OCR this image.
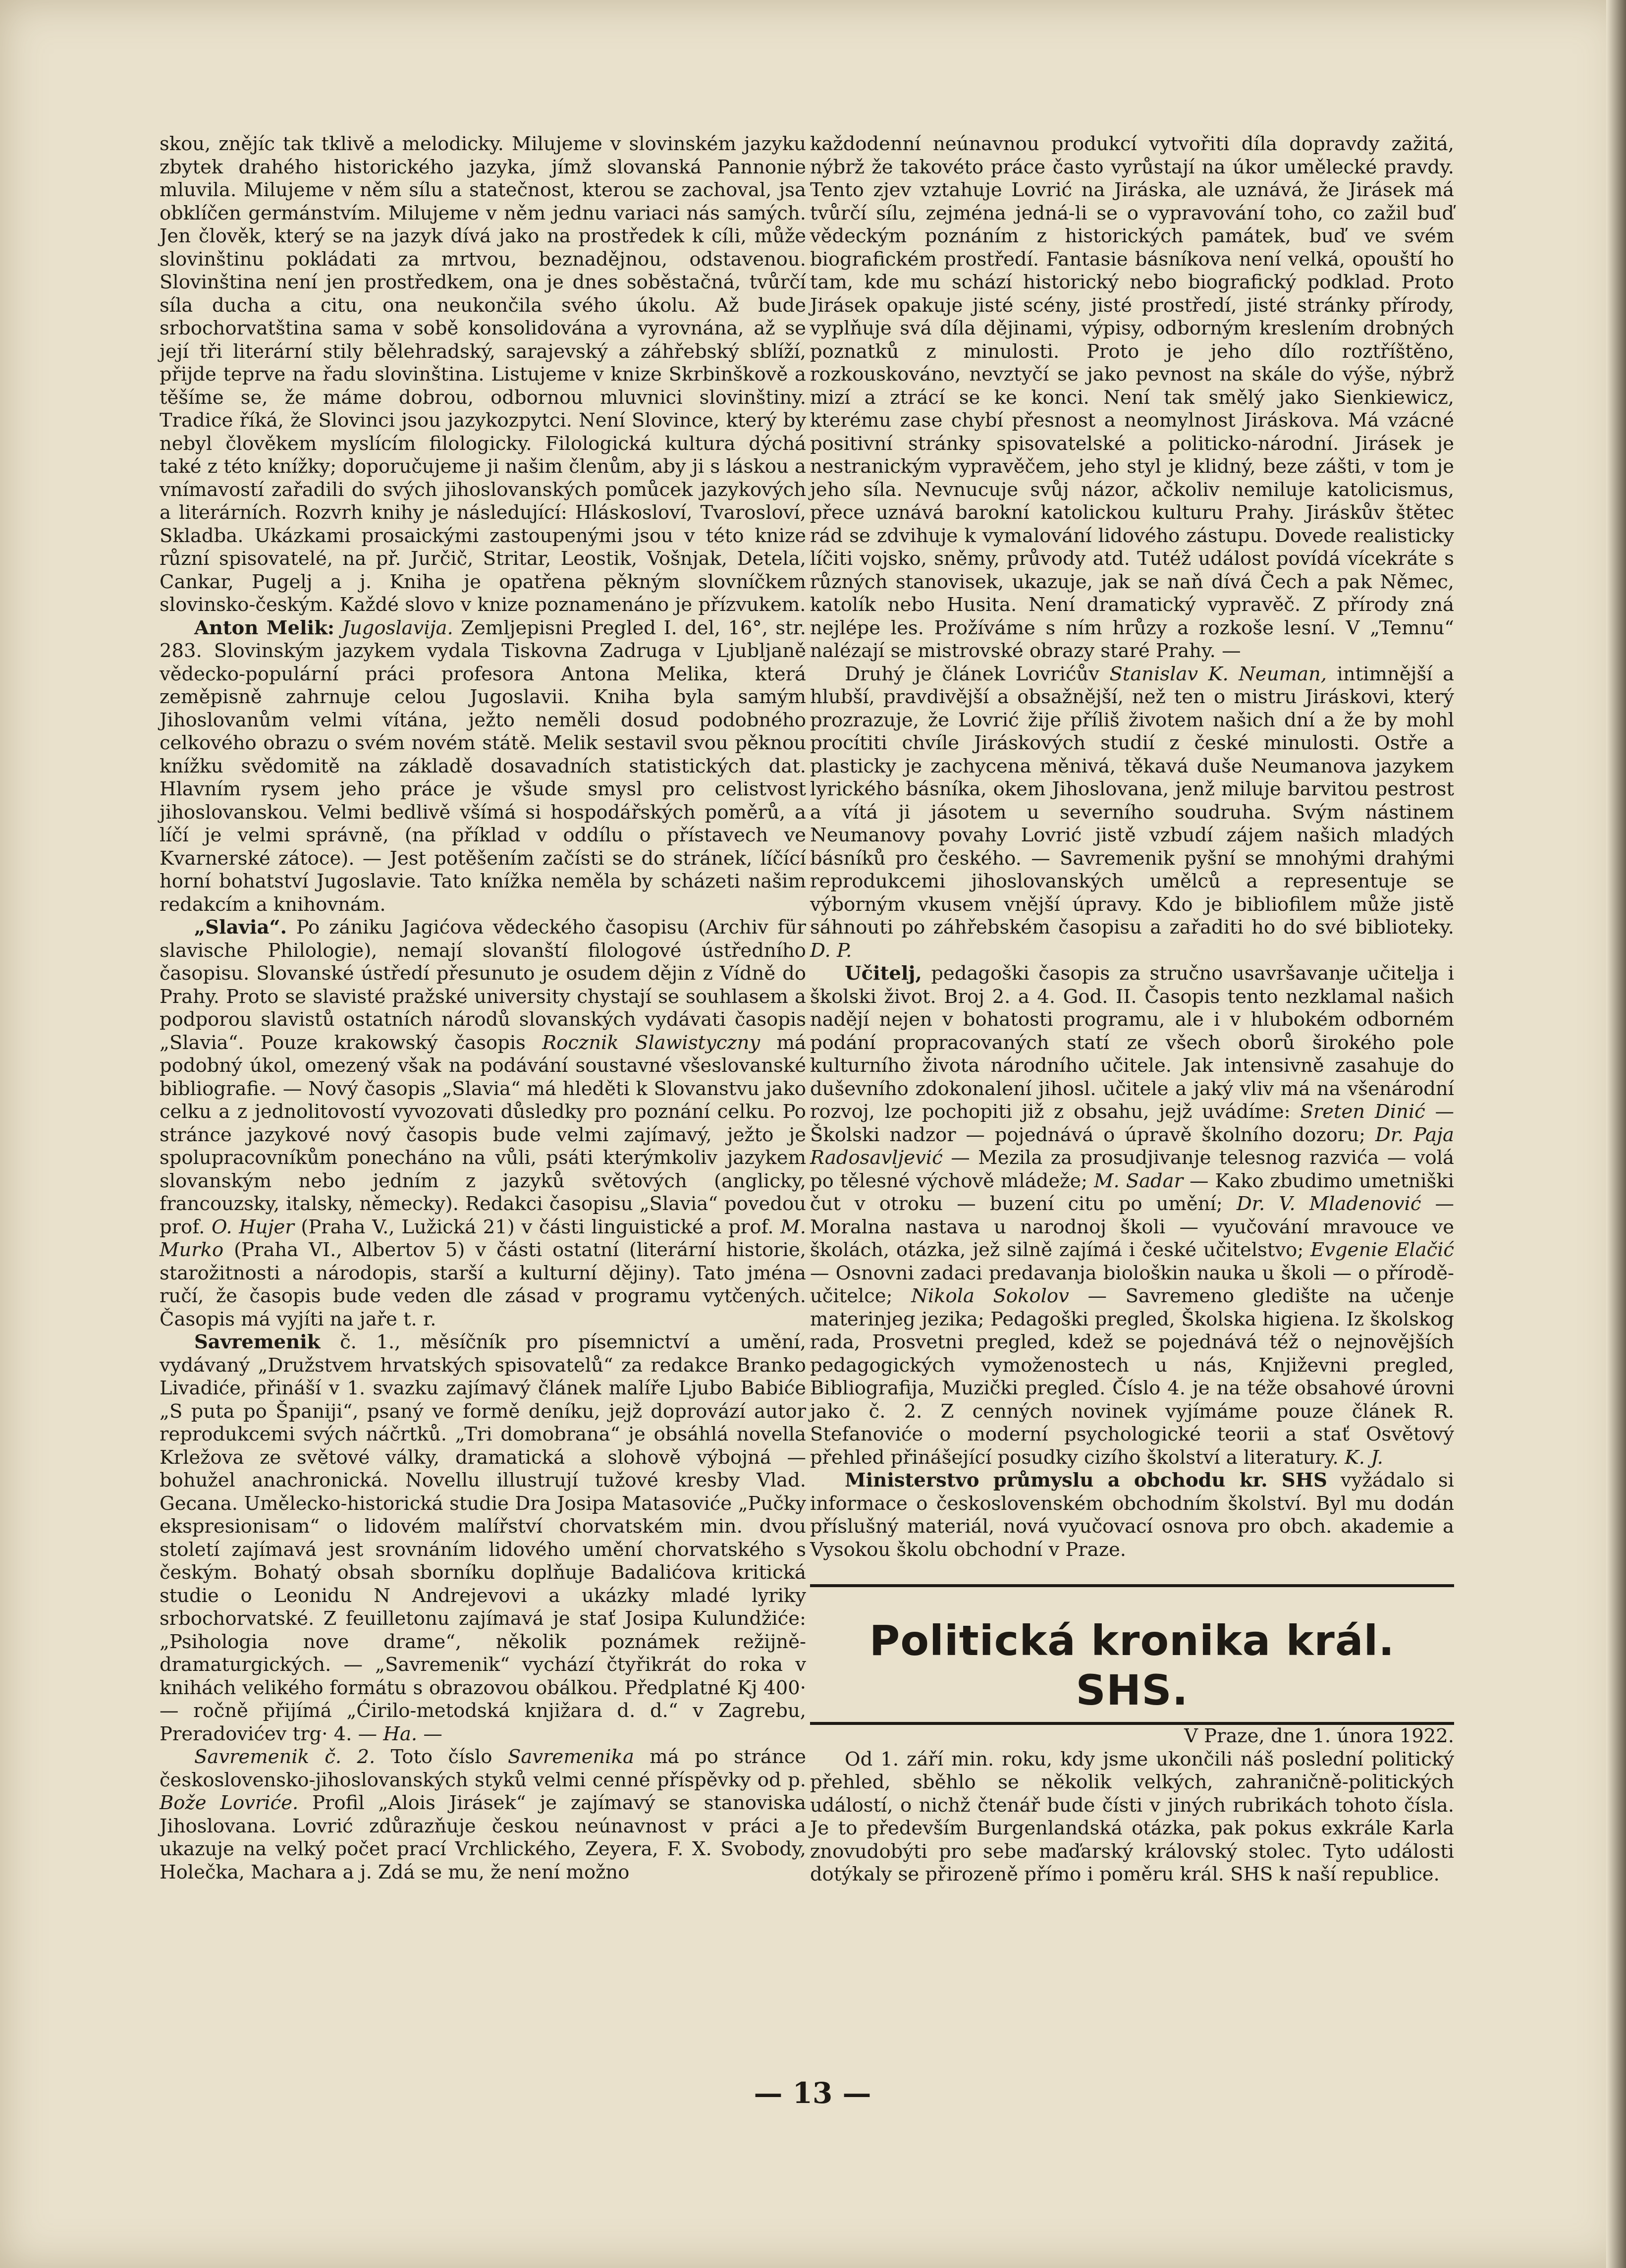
skou, znějíc tak tklivě a melodicky. Milujeme v slovinském jazyku zbytek drahého historického jazyka, jímž slovanská Pannonie mluvila. Milujeme v něm sílu a statečnost, kterou se zachoval, jsa obklíčen germánstvím. Milujeme v něm jednu variaci nás samých. Jen člověk, který se na jazyk dívá jako na prostředek k cíli, může slovinštinu pokládati za mrtvou, beznadějnou, odstavenou. Slovinština není jen prostředkem, ona je dnes soběstačná, tvůrčí síla ducha a citu, ona neukončila svého úkolu. Až bude srbochorvatština sama v sobě konsolidována a vyrovnána, až se její tři literární stily bělehradský, sarajevský a záhřebský sblíží, přijde teprve na řadu slovinština. Listujeme v knize Skrbinškově a těšíme se, že máme dobrou, odbornou mluvnici slovinštiny. Tradice říká, že Slovinci jsou jazykozpytci. Není Slovince, který by nebyl člověkem myslícím filologicky. Filologická kultura dýchá také z této knížky; doporučujeme ji našim členům, aby ji s láskou a vnímavostí zařadili do svých jihoslovanských pomůcek jazykových a literárních. Rozvrh knihy je následující: Hláskosloví, Tvarosloví, Skladba. Ukázkami prosaickými zastoupenými jsou v této knize různí spisovatelé, na př. Jurčič, Stritar, Leostik, Vošnjak, Detela, Cankar, Pugelj a j. Kniha je opatřena pěkným slovníčkem slovinsko-českým. Každé slovo v knize poznamenáno je přízvukem.

Anton Melik: Jugoslavija. Zemljepisni Pregled I. del, 16°, str. 283. Slovinským jazykem vydala Tiskovna Zadruga v Ljubljaně vědecko-populární práci profesora Antona Melika, která zeměpisně zahrnuje celou Jugoslavii. Kniha byla samým Jihoslovanům velmi vítána, ježto neměli dosud podobného celkového obrazu o svém novém státě. Melik sestavil svou pěknou knížku svědomitě na základě dosavadních statistických dat. Hlavním rysem jeho práce je všude smysl pro celistvost jihoslovanskou. Velmi bedlivě všímá si hospodářských poměrů, a líčí je velmi správně, (na příklad v oddílu o přístavech ve Kvarnerské zátoce). — Jest potěšením začísti se do stránek, líčící horní bohatství Jugoslavie. Tato knížka neměla by scházeti našim redakcím a knihovnám.

„Slavia“. Po zániku Jagićova vědeckého časopisu (Archiv für slavische Philologie), nemají slovanští filologové ústředního časopisu. Slovanské ústředí přesunuto je osudem dějin z Vídně do Prahy. Proto se slavisté pražské university chystají se souhlasem a podporou slavistů ostatních národů slovanských vydávati časopis „Slavia“. Pouze krakowský časopis Rocznik Slawistyczny má podobný úkol, omezený však na podávání soustavné všeslovanské bibliografie. — Nový časopis „Slavia“ má hleděti k Slovanstvu jako celku a z jednolitovostí vyvozovati důsledky pro poznání celku. Po stránce jazykové nový časopis bude velmi zajímavý, ježto je spolupracovníkům ponecháno na vůli, psáti kterýmkoliv jazykem slovanským nebo jedním z jazyků světových (anglicky, francouzsky, italsky, německy). Redakci časopisu „Slavia“ povedou prof. O. Hujer (Praha V., Lužická 21) v části linguistické a prof. M. Murko (Praha VI., Albertov 5) v části ostatní (literární historie, starožitnosti a národopis, starší a kulturní dějiny). Tato jména ručí, že časopis bude veden dle zásad v programu vytčených. Časopis má vyjíti na jaře t. r.

Savremenik č. 1., měsíčník pro písemnictví a umění, vydávaný „Družstvem hrvatských spisovatelů“ za redakce Branko Livadiće, přináší v 1. svazku zajímavý článek malíře Ljubo Babiće „S puta po Španiji“, psaný ve formě deníku, jejž doprovází autor reprodukcemi svých náčrtků. „Tri domobrana“ je obsáhlá novella Krležova ze světové války, dramatická a slohově výbojná — bohužel anachronická. Novellu illustrují tužové kresby Vlad. Gecana. Umělecko-historická studie Dra Josipa Matasoviće „Pučky ekspresionisam“ o lidovém malířství chorvatském min. dvou století zajímavá jest srovnáním lidového umění chorvatského s českým. Bohatý obsah sborníku doplňuje Badalićova kritická studie o Leonidu N Andrejevovi a ukázky mladé lyriky srbochorvatské. Z feuilletonu zajímavá je stať Josipa Kulundžiće: „Psihologia nove drame“, několik poznámek režijně-dramaturgických. — „Savremenik“ vychází čtyřikrát do roka v knihách velikého formátu s obrazovou obálkou. Předplatné Kj 400·— ročně přijímá „Ćirilo-metodská knjižara d. d.“ v Zagrebu, Preradovićev trg· 4. — Ha. —

Savremenik č. 2. Toto číslo Savremenika má po stránce československo-jihoslovanských styků velmi cenné příspěvky od p. Bože Lovriće. Profil „Alois Jirásek“ je zajímavý se stanoviska Jihoslovana. Lovrić zdůrazňuje českou neúnavnost v práci a ukazuje na velký počet prací Vrchlického, Zeyera, F. X. Svobody, Holečka, Machara a j. Zdá se mu, že není možno

každodenní neúnavnou produkcí vytvořiti díla dopravdy zažitá, nýbrž že takovéto práce často vyrůstají na úkor umělecké pravdy. Tento zjev vztahuje Lovrić na Jiráska, ale uznává, že Jirásek má tvůrčí sílu, zejména jedná-li se o vypravování toho, co zažil buď vědeckým poznáním z historických památek, buď ve svém biografickém prostředí. Fantasie básníkova není velká, opouští ho tam, kde mu schází historický nebo biografický podklad. Proto Jirásek opakuje jisté scény, jisté prostředí, jisté stránky přírody, vyplňuje svá díla dějinami, výpisy, odborným kreslením drobných poznatků z minulosti. Proto je jeho dílo roztříštěno, rozkouskováno, nevztyčí se jako pevnost na skále do výše, nýbrž mizí a ztrácí se ke konci. Není tak smělý jako Sienkiewicz, kterému zase chybí přesnost a neomylnost Jiráskova. Má vzácné positivní stránky spisovatelské a politicko-národní. Jirásek je nestranickým vypravěčem, jeho styl je klidný, beze zášti, v tom je jeho síla. Nevnucuje svůj názor, ačkoliv nemiluje katolicismus, přece uznává barokní katolickou kulturu Prahy. Jiráskův štětec rád se zdvihuje k vymalování lidového zástupu. Dovede realisticky líčiti vojsko, sněmy, průvody atd. Tutéž událost povídá vícekráte s různých stanovisek, ukazuje, jak se naň dívá Čech a pak Němec, katolík nebo Husita. Není dramatický vypravěč. Z přírody zná nejlépe les. Prožíváme s ním hrůzy a rozkoše lesní. V „Temnu“ nalézají se mistrovské obrazy staré Prahy. —

Druhý je článek Lovrićův Stanislav K. Neuman, intimnější a hlubší, pravdivější a obsažnější, než ten o mistru Jiráskovi, který prozrazuje, že Lovrić žije příliš životem našich dní a že by mohl procítiti chvíle Jiráskových studií z české minulosti. Ostře a plasticky je zachycena měnivá, těkavá duše Neumanova jazykem lyrického básníka, okem Jihoslovana, jenž miluje barvitou pestrost a vítá ji jásotem u severního soudruha. Svým nástinem Neumanovy povahy Lovrić jistě vzbudí zájem našich mladých básníků pro českého. — Savremenik pyšní se mnohými drahými reprodukcemi jihoslovanských umělců a representuje se výborným vkusem vnější úpravy. Kdo je bibliofilem může jistě sáhnouti po záhřebském časopisu a zařaditi ho do své biblioteky. D. P.

Učitelj, pedagoški časopis za stručno usavršavanje učitelja i školski život. Broj 2. a 4. God. II. Časopis tento nezklamal našich nadějí nejen v bohatosti programu, ale i v hlubokém odborném podání propracovaných statí ze všech oborů širokého pole kulturního života národního učitele. Jak intensivně zasahuje do duševního zdokonalení jihosl. učitele a jaký vliv má na všenárodní rozvoj, lze pochopiti již z obsahu, jejž uvádíme: Sreten Dinić — Školski nadzor — pojednává o úpravě školního dozoru; Dr. Paja Radosavljević — Mezila za prosudjivanje telesnog razvića — volá po tělesné výchově mládeže; M. Sadar — Kako zbudimo umetniški čut v otroku — buzení citu po umění; Dr. V. Mladenović — Moralna nastava u narodnoj školi — vyučování mravouce ve školách, otázka, jež silně zajímá i české učitelstvo; Evgenie Elačić — Osnovni zadaci predavanja biološkin nauka u školi — o přírodě-učitelce; Nikola Sokolov — Savremeno gledište na učenje materinjeg jezika; Pedagoški pregled, Školska higiena. Iz školskog rada, Prosvetni pregled, kdež se pojednává též o nejnovějších pedagogických vymoženostech u nás, Književni pregled, Bibliografija, Muzički pregled. Číslo 4. je na téže obsahové úrovni jako č. 2. Z cenných novinek vyjímáme pouze článek R. Stefanoviće o moderní psychologické teorii a stať Osvětový přehled přinášející posudky cizího školství a literatury. K. J.

Ministerstvo průmyslu a obchodu kr. SHS vyžádalo si informace o československém obchodním školství. Byl mu dodán příslušný materiál, nová vyučovací osnova pro obch. akademie a Vysokou školu obchodní v Praze.

Politická kronika král. SHS.

V Praze, dne 1. února 1922.

Od 1. září min. roku, kdy jsme ukončili náš poslední politický přehled, sběhlo se několik velkých, zahraničně-politických událostí, o nichž čtenář bude čísti v jiných rubrikách tohoto čísla. Je to především Burgenlandská otázka, pak pokus exkrále Karla znovudobýti pro sebe maďarský královský stolec. Tyto události dotýkaly se přirozeně přímo i poměru král. SHS k naší republice.

— 13 —
